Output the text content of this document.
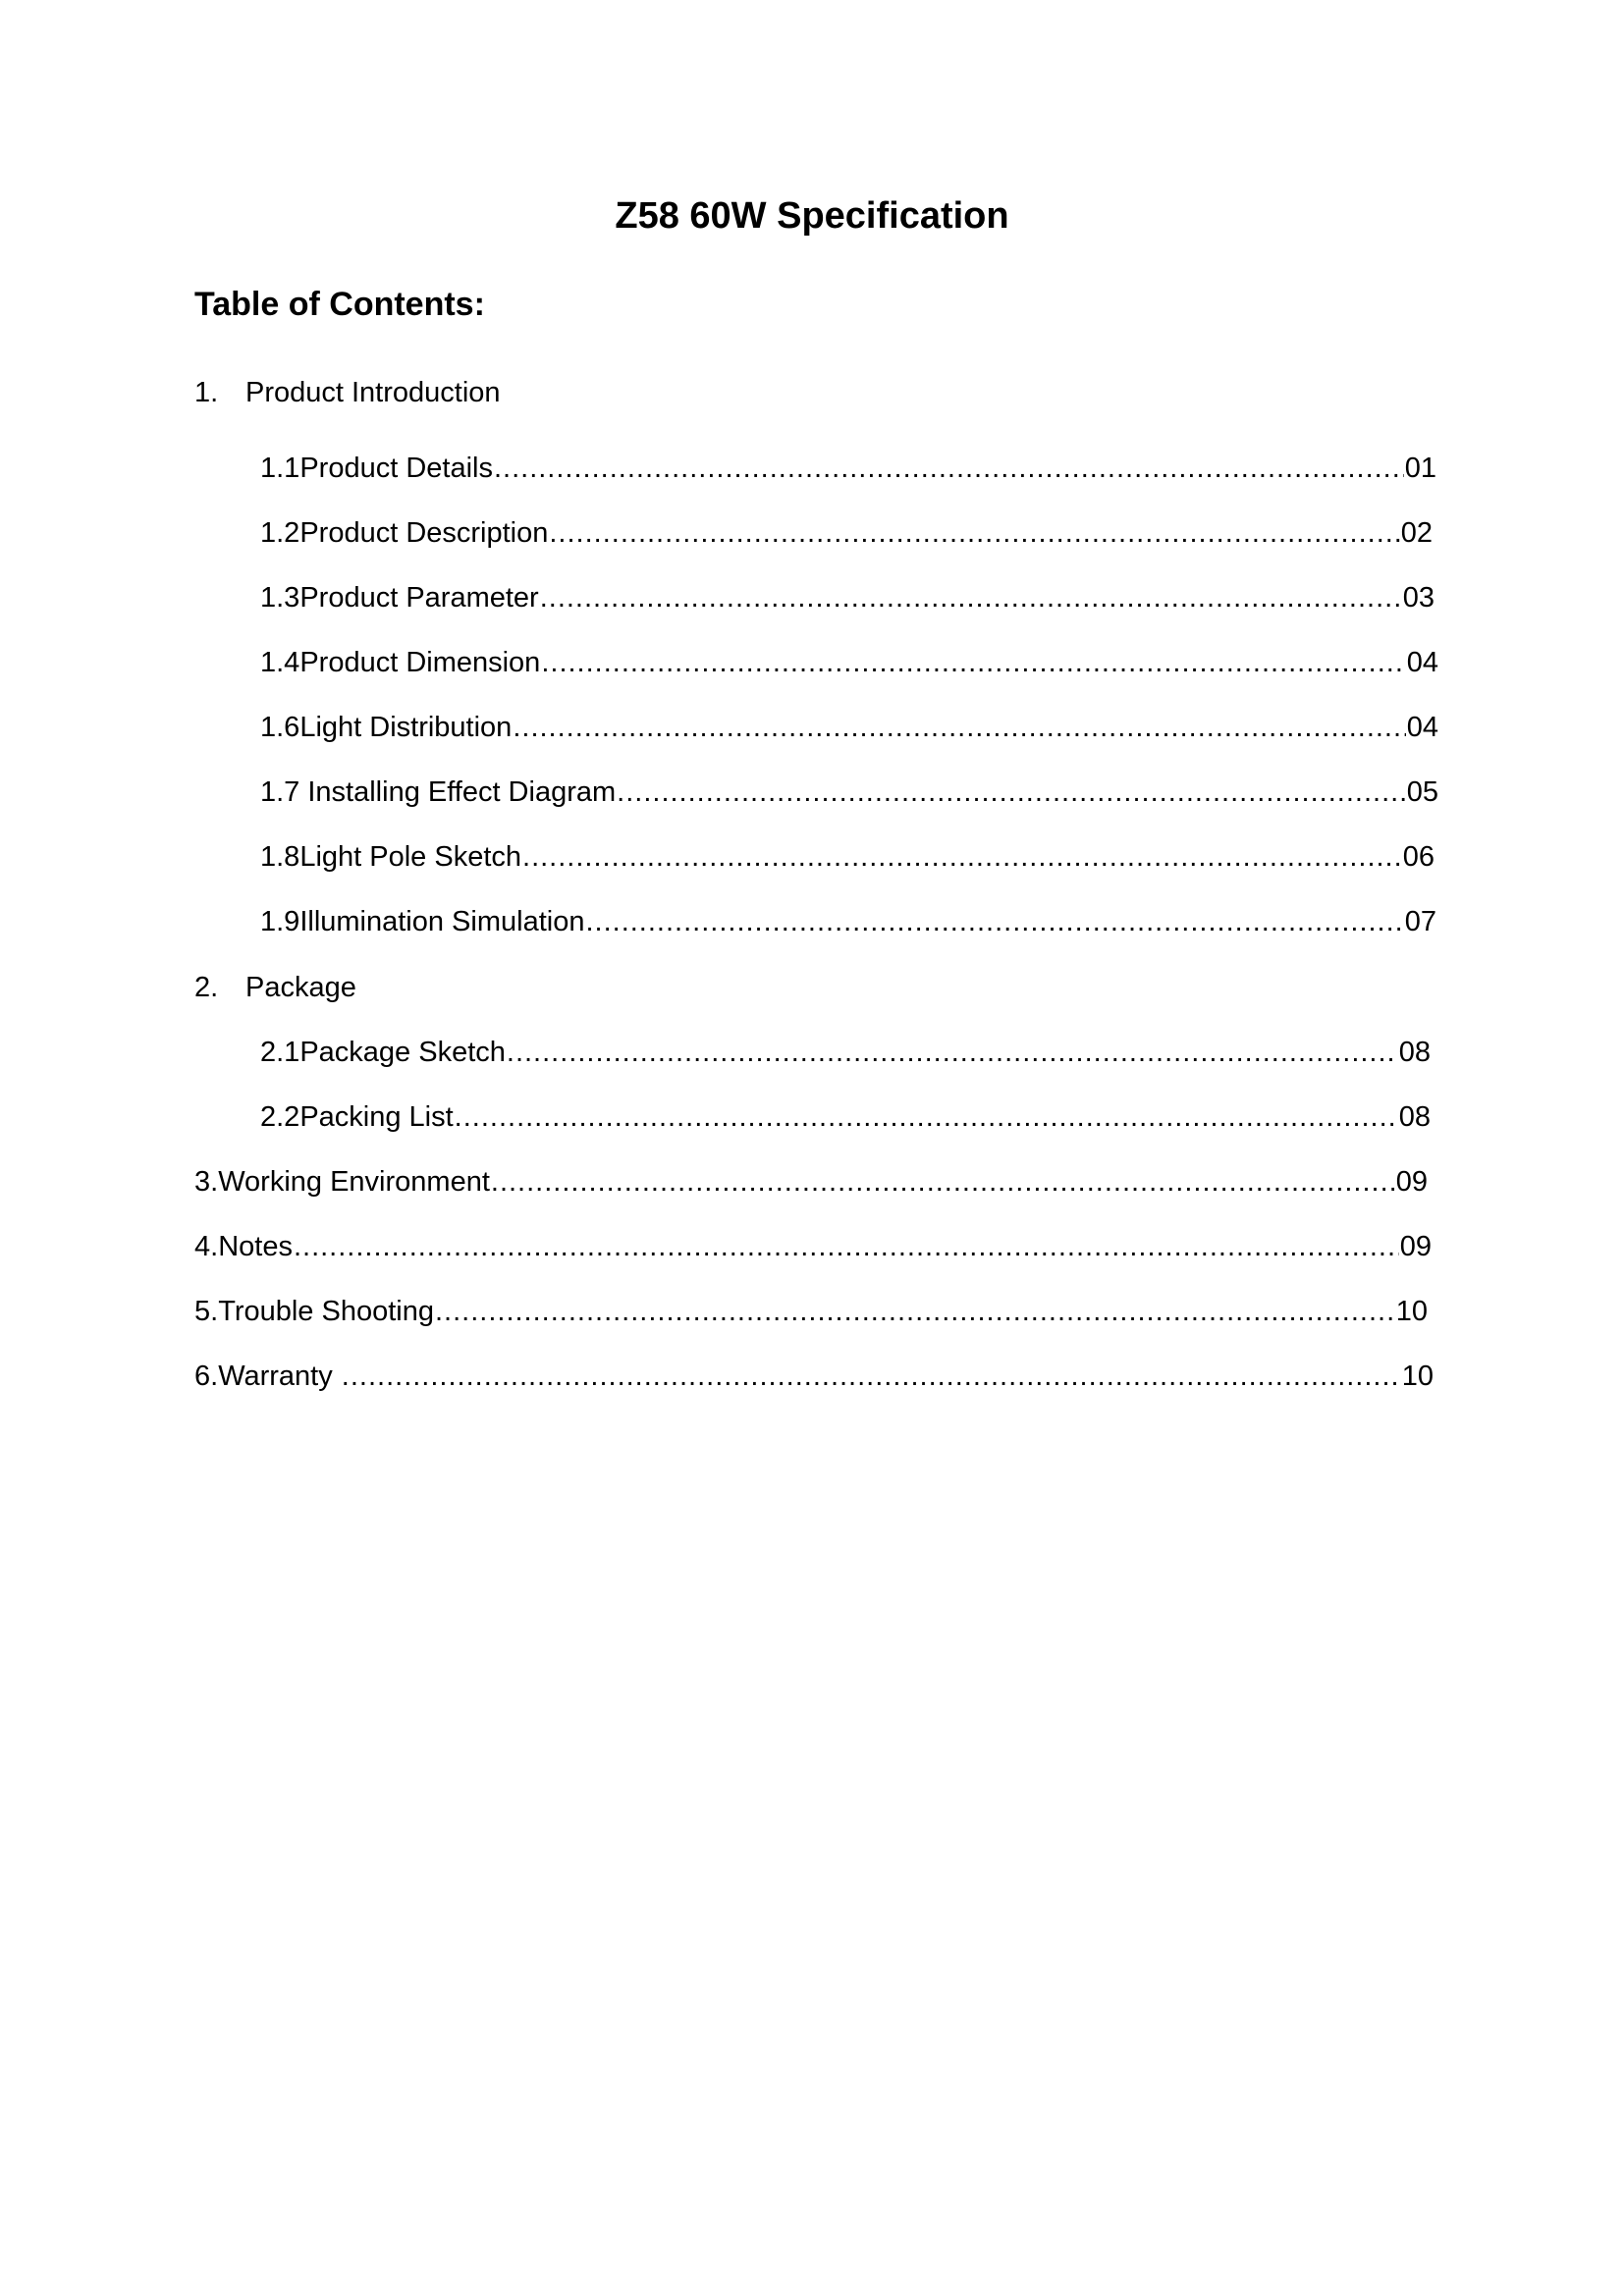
Z58 60W Specification
Table of Contents:
1. Product Introduction
1.1Product Details .....	01
1.2Product Description .....	02
1.3Product Parameter .....	03
1.4Product Dimension .....	04
1.6Light Distribution .....	04
1.7 Installing Effect Diagram .....	05
1.8Light Pole Sketch .....	06
1.9Illumination Simulation .....	07
2. Package
2.1Package Sketch .....	08
2.2Packing List .....	08
3. Working Environment .....	09
4. Notes .....	09
5. Trouble Shooting .....	10
6. Warranty .....	10
